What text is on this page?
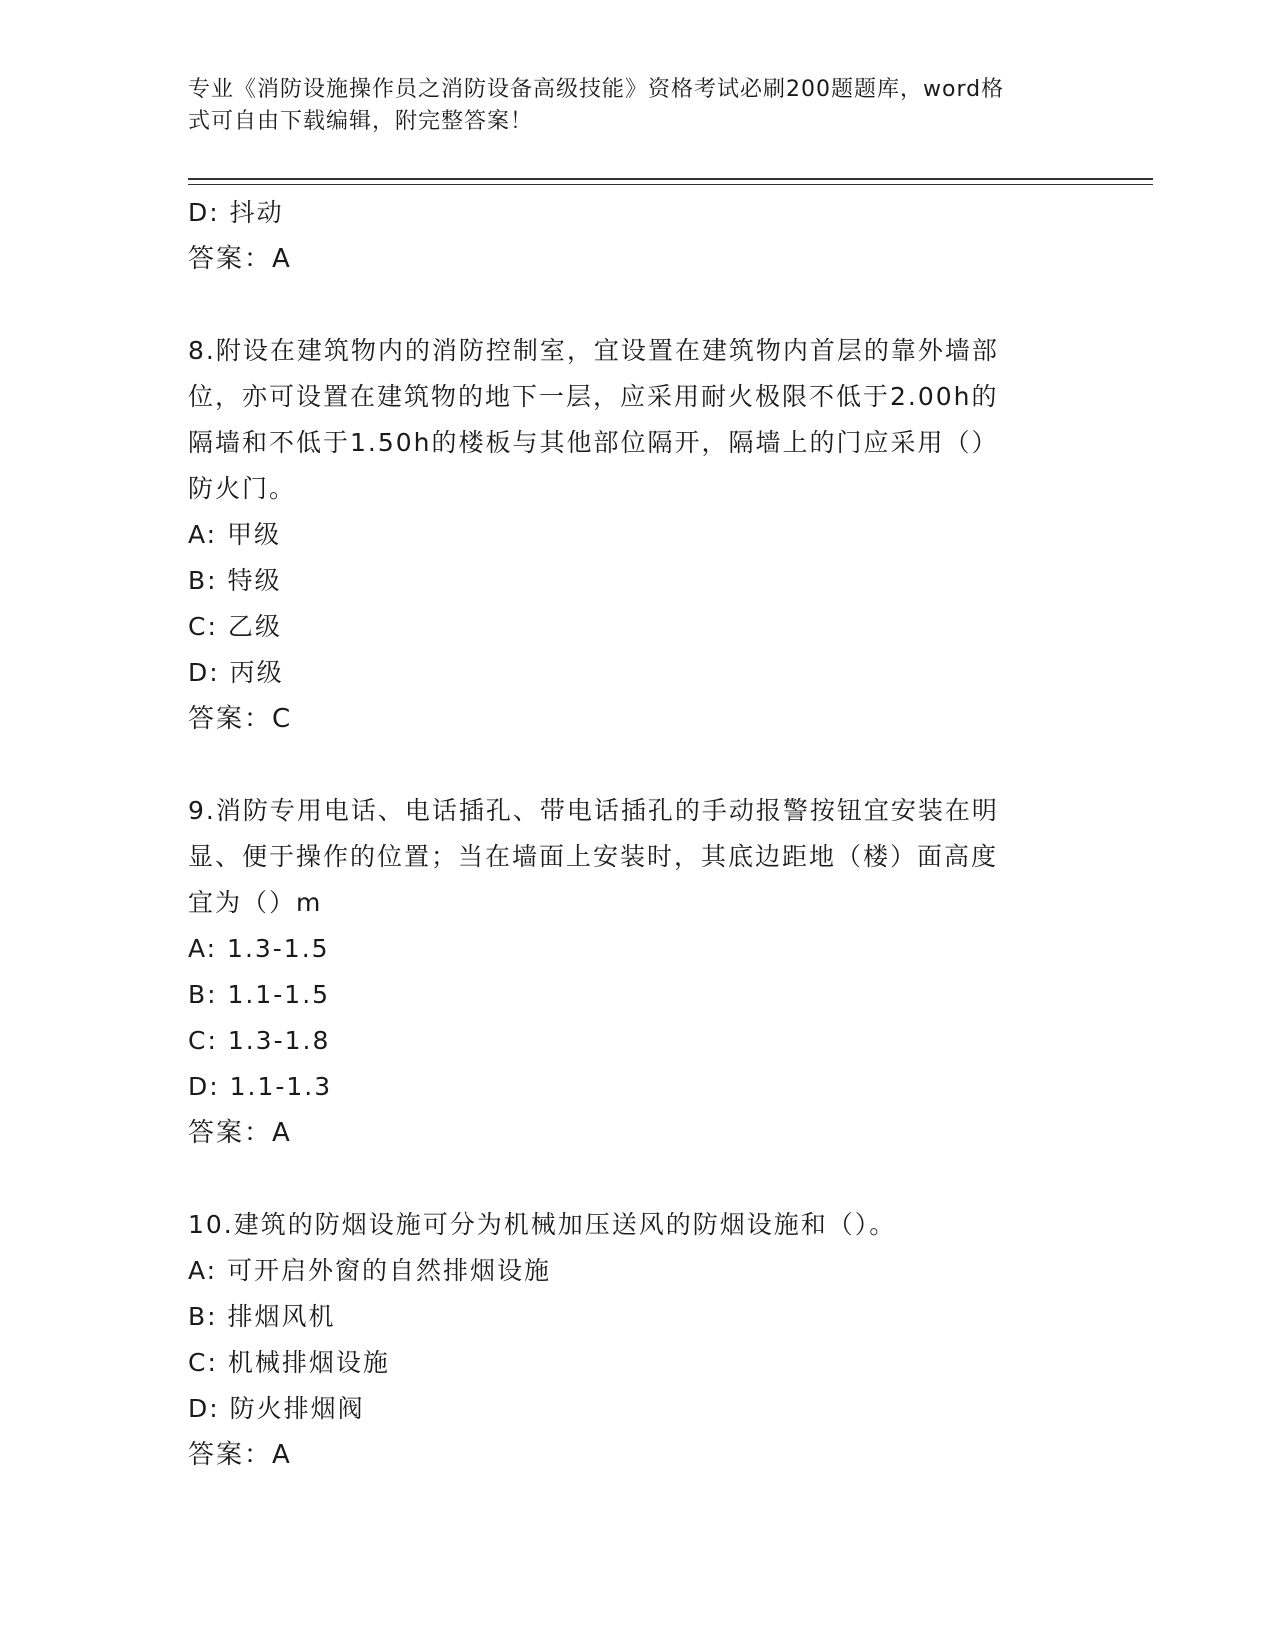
专业《消防设施操作员之消防设备高级技能》资格考试必刷200题题库，word格
式可自由下载编辑，附完整答案！
D: 抖动
答案：A
8.附设在建筑物内的消防控制室，宜设置在建筑物内首层的靠外墙部
位，亦可设置在建筑物的地下一层，应采用耐火极限不低于2.00h的
隔墙和不低于1.50h的楼板与其他部位隔开，隔墙上的门应采用（）
防火门。
A: 甲级
B: 特级
C: 乙级
D: 丙级
答案：C
9.消防专用电话、电话插孔、带电话插孔的手动报警按钮宜安装在明
显、便于操作的位置；当在墙面上安装时，其底边距地（楼）面高度
宜为（）m
A: 1.3-1.5
B: 1.1-1.5
C: 1.3-1.8
D: 1.1-1.3
答案：A
10.建筑的防烟设施可分为机械加压送风的防烟设施和（）。
A: 可开启外窗的自然排烟设施
B: 排烟风机
C: 机械排烟设施
D: 防火排烟阀
答案：A
